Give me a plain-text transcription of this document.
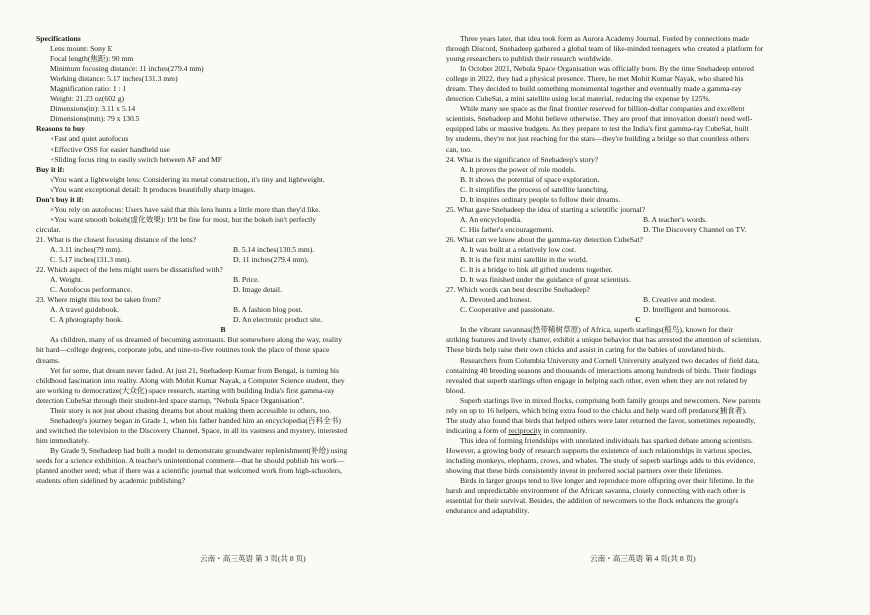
Specifications
Lens mount: Sony E
Focal length(焦距): 90 mm
Minimum focusing distance: 11 inches(279.4 mm)
Working distance: 5.17 inches(131.3 mm)
Magnification ratio: 1 : 1
Weight: 21.23 oz(602 g)
Dimensions(in): 3.11 x 5.14
Dimensions(mm): 79 x 130.5
Reasons to buy
+Fast and quiet autofocus
+Effective OSS for easier handheld use
+Sliding focus ring to easily switch between AF and MF
Buy it if:
√You want a lightweight lens: Considering its metal construction, it's tiny and lightweight.
√You want exceptional detail: It produces beautifully sharp images.
Don't buy it if:
×You rely on autofocus: Users have said that this lens hunts a little more than they'd like.
×You want smooth bokeh(虚化效果): It'll be fine for most, but the bokeh isn't perfectly
circular.
21. What is the closest focusing distance of the lens?
A. 3.11 inches(79 mm).	B. 5.14 inches(130.5 mm).
C. 5.17 inches(131.3 mm).	D. 11 inches(279.4 mm).
22. Which aspect of the lens might users be dissatisfied with?
A. Weight.	B. Price.
C. Autofocus performance.	D. Image detail.
23. Where might this text be taken from?
A. A travel guidebook.	B. A fashion blog post.
C. A photography book.	D. An electronic product site.
B
As children, many of us dreamed of becoming astronauts. But somewhere along the way, reality
hit hard—college degrees, corporate jobs, and nine-to-five routines took the place of those space
dreams.
Yet for some, that dream never faded. At just 21, Snehadeep Kumar from Bengal, is turning his
childhood fascination into reality. Along with Mohit Kumar Nayak, a Computer Science student, they
are working to democratize(大众化) space research, starting with building India's first gamma-ray
detection CubeSat through their student-led space startup, "Nebula Space Organisation".
Their story is not just about chasing dreams but about making them accessible to others, too.
Snehadeep's journey began in Grade 1, when his father handed him an encyclopedia(百科全书)
and switched the television to the Discovery Channel. Space, in all its vastness and mystery, interested
him immediately.
By Grade 9, Snehadeep had built a model to demonstrate groundwater replenishment(补给) using
seeds for a science exhibition. A teacher's unintentional comment—that he should publish his work—
planted another seed; what if there was a scientific journal that welcomed work from high-schoolers,
students often sidelined by academic publishing?
Three years later, that idea took form as Aurora Academy Journal. Fueled by connections made
through Discord, Snehadeep gathered a global team of like-minded teenagers who created a platform for
young researchers to publish their research worldwide.
In October 2021, Nebula Space Organisation was officially born. By the time Snehadeep entered
college in 2022, they had a physical presence. There, he met Mohit Kumar Nayak, who shared his
dream. They decided to build something monumental together and eventually made a gamma-ray
detection CubeSat, a mini satellite using local material, reducing the expense by 125%.
While many see space as the final frontier reserved for billion-dollar companies and excellent
scientists, Snehadeep and Mohit believe otherwise. They are proof that innovation doesn't need well-
equipped labs or massive budgets. As they prepare to test the India's first gamma-ray CubeSat, built
by students, they're not just reaching for the stars—they're building a bridge so that countless others
can, too.
24. What is the significance of Snehadeep's story?
A. It proves the power of role models.
B. It shows the potential of space exploration.
C. It simplifies the process of satellite launching.
D. It inspires ordinary people to follow their dreams.
25. What gave Snehadeep the idea of starting a scientific journal?
A. An encyclopedia.	B. A teacher's words.
C. His father's encouragement.	D. The Discovery Channel on TV.
26. What can we know about the gamma-ray detection CubeSat?
A. It was built at a relatively low cost.
B. It is the first mini satellite in the world.
C. It is a bridge to link all gifted students together.
D. It was finished under the guidance of great scientists.
27. Which words can best describe Snehadeep?
A. Devoted and honest.	B. Creative and modest.
C. Cooperative and passionate.	D. Intelligent and humorous.
C
In the vibrant savannas(热带稀树草原) of Africa, superb starlings(椋鸟), known for their
striking features and lively chatter, exhibit a unique behavior that has arrested the attention of scientists.
These birds help raise their own chicks and assist in caring for the babies of unrelated birds.
Researchers from Columbia University and Cornell University analyzed two decades of field data,
containing 40 breeding seasons and thousands of interactions among hundreds of birds. Their findings
revealed that superb starlings often engage in helping each other, even when they are not related by
blood.
Superb starlings live in mixed flocks, comprising both family groups and newcomers. New parents
rely on up to 16 helpers, which bring extra food to the chicks and help ward off predators(捕食者).
The study also found that birds that helped others were later returned the favor, sometimes repeatedly,
indicating a form of reciprocity in community.
This idea of forming friendships with unrelated individuals has sparked debate among scientists.
However, a growing body of research supports the existence of such relationships in various species,
including monkeys, elephants, crows, and whales. The study of superb starlings adds to this evidence,
showing that these birds consistently invest in preferred social partners over their lifetimes.
Birds in larger groups tend to live longer and reproduce more offspring over their lifetime. In the
harsh and unpredictable environment of the African savanna, closely connecting with each other is
essential for their survival. Besides, the addition of newcomers to the flock enhances the group's
endurance and adaptability.
云南・高三英语 第 3 页(共 8 页)	云南・高三英语 第 4 页(共 8 页)
